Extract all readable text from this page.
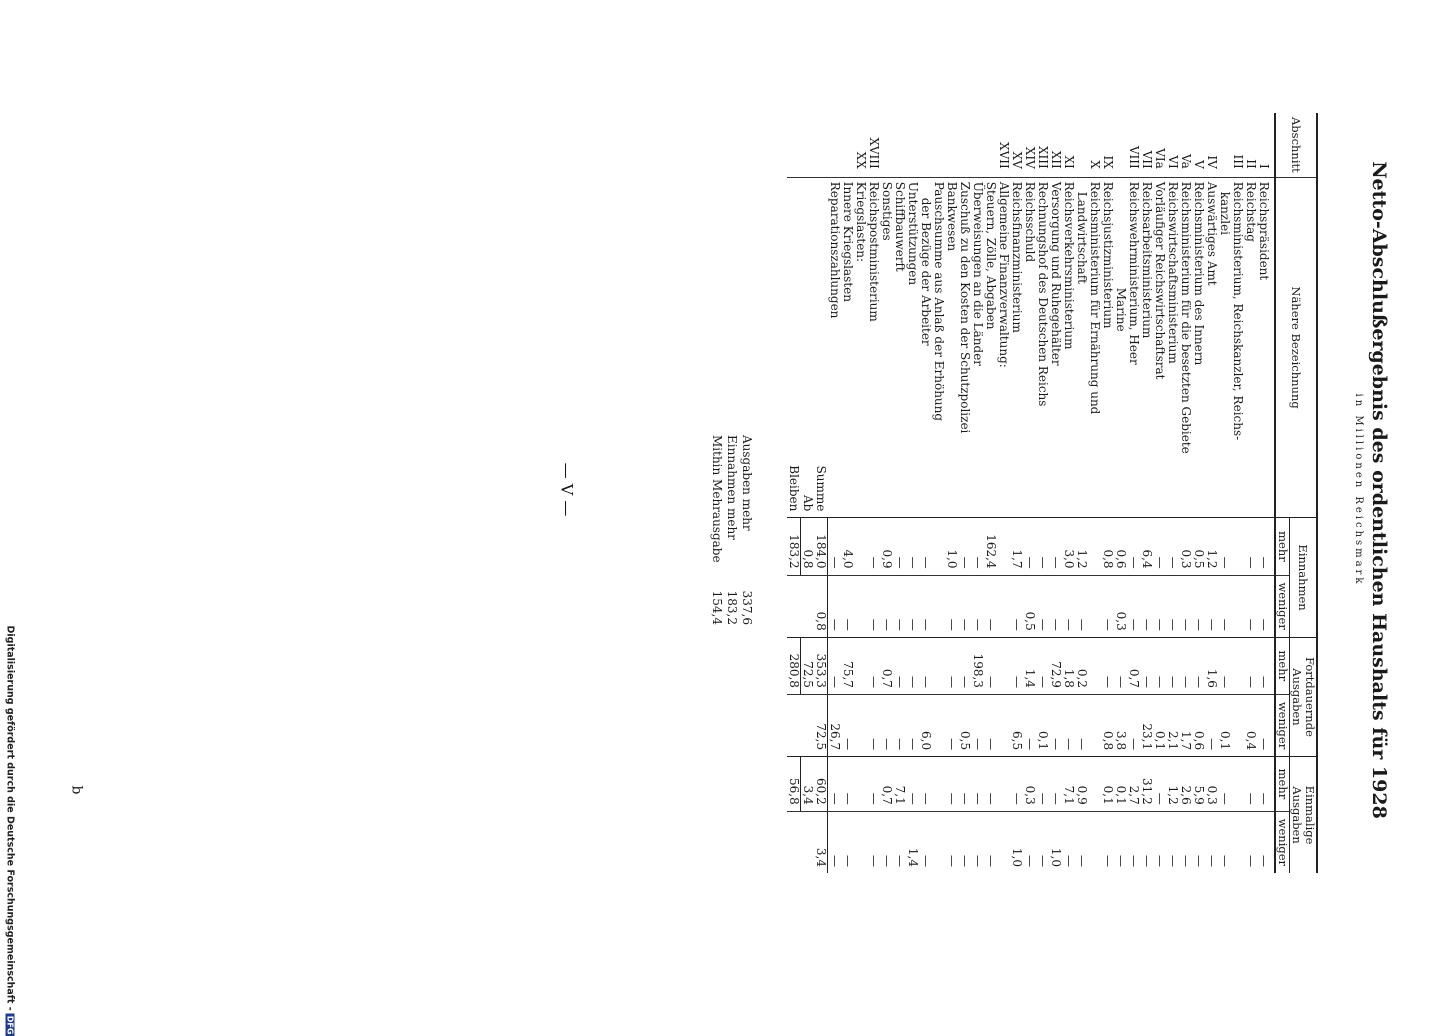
— V —
b
Digitalisierung gefördert durch die Deutsche Forschungsgemeinschaft -DFG
Netto-Abschlußergebnis des ordentlichen Haushalts für 1928
in Millionen Reichsmark
Abschnitt	Nähere Bezeichnung	Einnahmen		Fortdauernde Ausgaben		Einmalige Ausgaben	
		mehr	weniger	mehr	weniger	mehr	weniger
I	Reichspräsident	—	—	—	—	—	—
II	Reichstag	—	—	—	0,4	—	—
III	Reichsministerium, Reichskanzler, Reichs-						
	kanzlei	—	—	—	0,1	—	—
IV	Auswärtiges Amt	1,2	—	1,6	—	0,3	—
V	Reichsministerium des Innern	0,5	—	—	0,6	5,9	—
Va	Reichsministerium für die besetzten Gebiete	0,3	—	—	1,7	2,6	—
VI	Reichswirtschaftsministerium	—	—	—	2,1	1,2	—
VIa	Vorläufiger Reichswirtschaftsrat	—	—	—	0,1	—	—
VII	Reichsarbeitsministerium	6,4	—	—	23,1	31,2	—
VIII	Reichswehrministerium, Heer	—	—	0,7	—	2,7	—
	Marine	0,6	0,3	—	3,8	0,1	—
IX	Reichsjustizministerium	0,8	—	—	0,8	0,1	—
X	Reichsministerium für Ernährung und						
	Landwirtschaft	1,2	—	0,2	—	0,9	—
XI	Reichsverkehrsministerium	3,0	—	1,8	—	7,1	—
XII	Versorgung und Ruhegehälter	—	—	72,9	—	—	1,0
XIII	Rechnungshof des Deutschen Reichs	—	—	—	0,1	—	—
XIV	Reichsschuld	—	0,5	1,4	—	0,3	—
XV	Reichsfinanzministerium	1,7	—	—	6,5	—	1,0
XVII	Allgemeine Finanzverwaltung:						
	Steuern, Zölle, Abgaben	162,4	—	—	—	—	—
	Überweisungen an die Länder	—	—	198,3	—	—	—
	Zuschuß zu den Kosten der Schutzpolizei	—	—	—	0,5	—	—
	Bankwesen	1,0	—	—	—	—	—
	Pauschsumme aus Anlaß der Erhöhung						
	der Bezüge der Arbeiter	—	—	—	6,0	—	—
	Unterstützungen	—	—	—	—	—	1,4
	Schiffbauwerft	—	—	—	—	7,1	—
	Sonstiges	0,9	—	0,7	—	0,7	—
XVIII	Reichspostministerium	—	—	—	—	—	—
XX	Kriegslasten:						
	Innere Kriegslasten	4,0	—	75,7	—	—	—
	Reparationszahlungen	—	—	—	26,7	—	—
	Summe	184,0	0,8	353,3	72,5	60,2	3,4
	Ab	0,8		72,5		3,4	
	Bleiben	183,2		280,8		56,8	
Ausgaben mehr337,6
Einnahmen mehr183,2
Mithin Mehrausgabe154,4
